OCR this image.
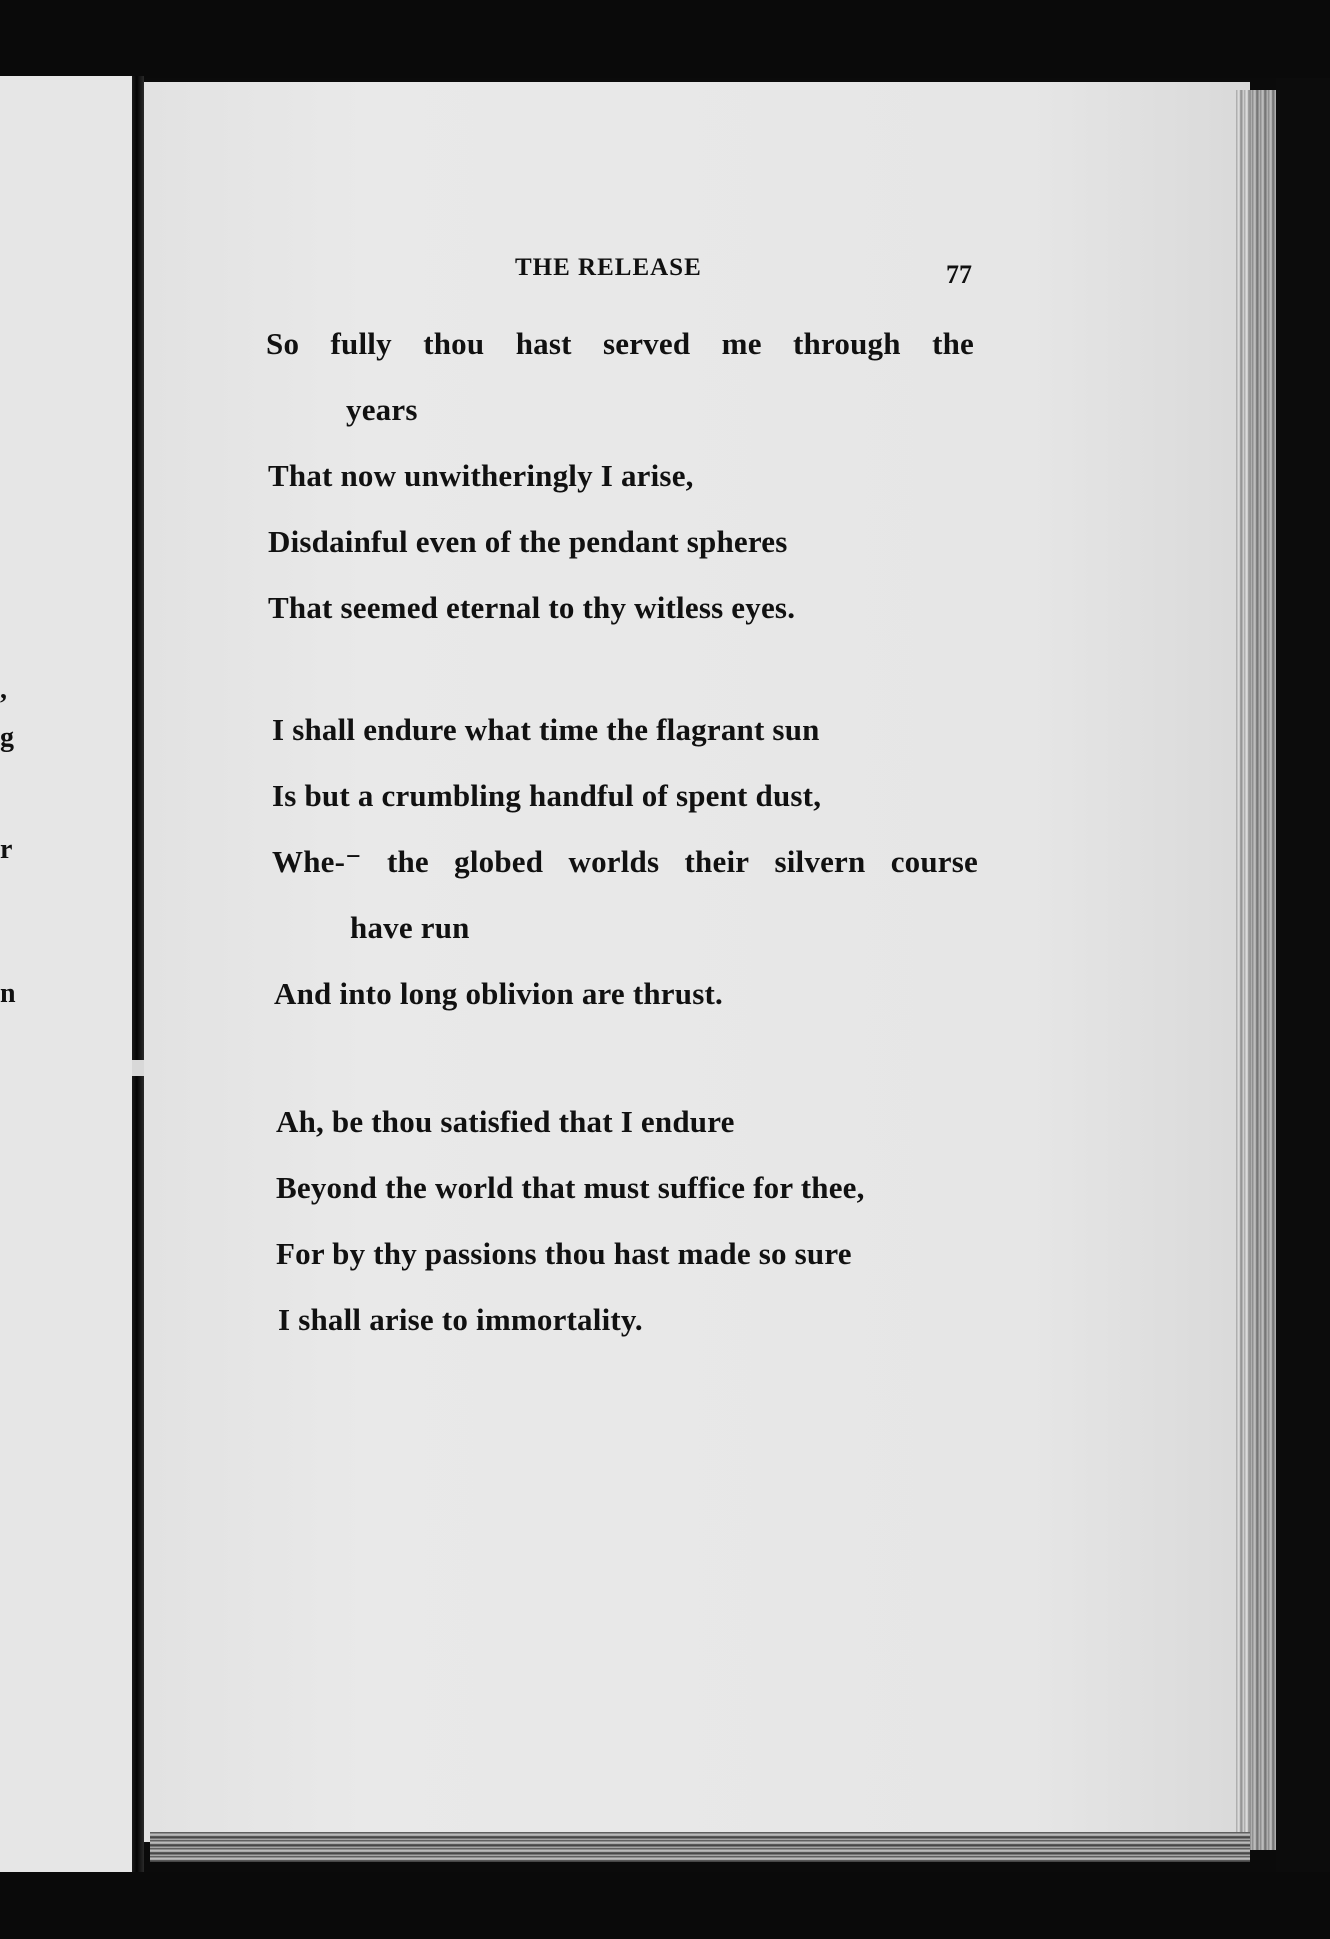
,
g
r
n
THE RELEASE	77
So fully thou hast served me through the
years
That now unwitheringly I arise,
Disdainful even of the pendant spheres
That seemed eternal to thy witless eyes.
I shall endure what time the flagrant sun
Is but a crumbling handful of spent dust,
Whe‐⁻ the globed worlds their silvern course
have run
And into long oblivion are thrust.
Ah, be thou satisfied that I endure
Beyond the world that must suffice for thee,
For by thy passions thou hast made so sure
I shall arise to immortality.
